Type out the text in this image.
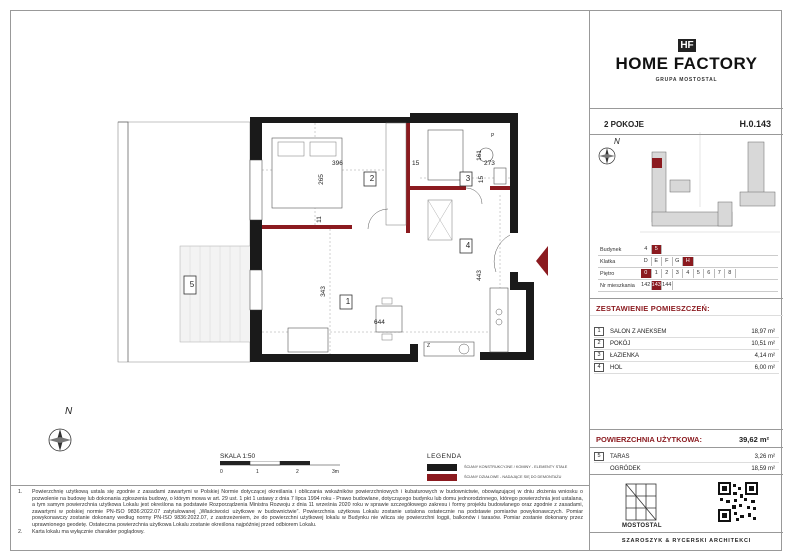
1
2	3
4
5
396	15	273
265
161
15
11
443
343
644
P
Z
N
SKALA 1:50
0	1	2	3m
LEGENDA
ŚCIANY KONSTRUKCYJNE / KOMINY - ELEMENTY STAŁE
ŚCIANY DZIAŁOWE - NADAJĄCE SIĘ DO DEMONTAŻU
HF
HOME FACTORY
GRUPA MOSTOSTAL
2 POKOJE	H.0.143
N
Budynek	4	5
Klatka	D	E	F	G	H
Piętro	0	1	2	3	4	5	6	7	8
Nr mieszkania	142 143 144
ZESTAWIENIE POMIESZCZEŃ:
1	SALON Z ANEKSEM	18,97 m²
2	POKÓJ	10,51 m²
3	ŁAZIENKA	4,14 m²
4	HOL	6,00 m²
POWIERZCHNIA UŻYTKOWA:	39,62 m²
5	TARAS	3,26 m²
OGRÓDEK	18,59 m²
MOSTOSTAL
SZAROSZYK & RYCERSKI ARCHITEKCI
1. Powierzchnię użytkową ustala się zgodnie z zasadami zawartymi w Polskiej Normie dotyczącej określania i obliczania wskaźników powierzchniowych i kubaturowych w budownictwie, obowiązującej w dniu złożenia wniosku o pozwolenie na budowę lub dokonania zgłoszenia budowy, o którym mowa w art. 29 ust. 1 pkt 1 ustawy z dnia 7 lipca 1994 roku - Prawo budowlane, dotyczącego budynku lub domu jednorodzinnego, którego powierzchnia jest ustalana, a tym samym powierzchnia użytkowa Lokalu jest określona na podstawie Rozporządzenia Ministra Rozwoju z dnia 11 września 2020 roku w sprawie szczegółowego zakresu i formy projektu budowlanego oraz zgodnie z zasadami, zawartymi w polskiej normie PN-ISO 9836:2022.07 zatytułowanej „Właściwości użytkowe w budownictwie”. Powierzchnia użytkowa Lokalu zostanie ustalona ostatecznie na podstawie pomiarów powykonawczych. Pomiar powykonawczy zostanie dokonany według normy PN-ISO 9836:2022.07, z zastrzeżeniem, że do powierzchni użytkowej lokalu w Budynku nie wlicza się powierzchni loggii, balkonów i tarasów. Pomiar zostanie dokonany przez uprawnionego geodetę. Ostateczna powierzchnia użytkowa Lokalu zostanie określona najpóźniej przed odbiorem Lokalu.
2. Karta lokalu ma wyłącznie charakter poglądowy.
